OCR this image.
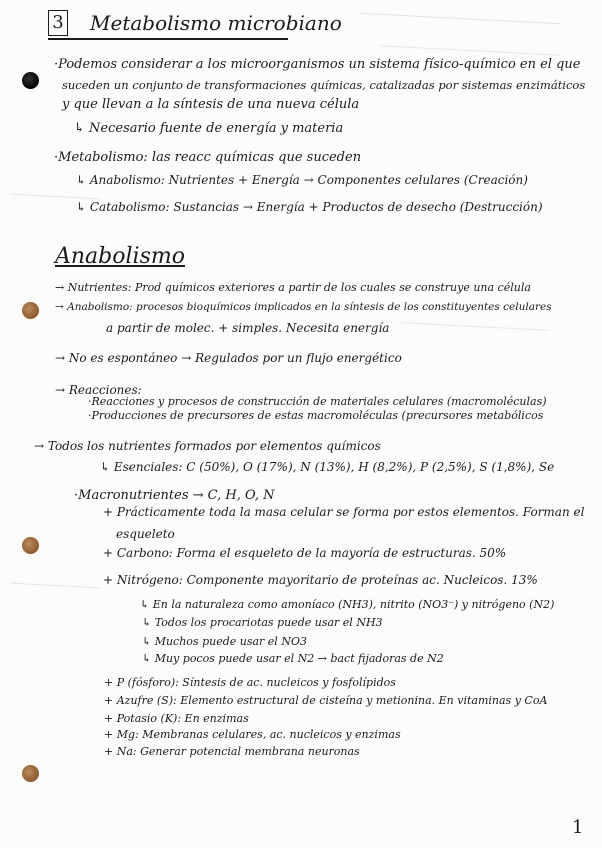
3 Metabolismo microbiano
·Podemos considerar a los microorganismos un sistema físico-químico en el que
suceden un conjunto de transformaciones químicas, catalizadas por sistemas enzimáticos
y que llevan a la síntesis de una nueva célula
↳ Necesario fuente de energía y materia
·Metabolismo: las reacc químicas que suceden
↳ Anabolismo: Nutrientes + Energía → Componentes celulares (Creación)
↳ Catabolismo: Sustancias → Energía + Productos de desecho (Destrucción)
Anabolismo
→ Nutrientes: Prod químicos exteriores a partir de los cuales se construye una célula
→ Anabolismo: procesos bioquímicos implicados en la síntesis de los constituyentes celulares
a partir de molec. + simples. Necesita energía
→ No es espontáneo → Regulados por un flujo energético
→ Reacciones:
·Reacciones y procesos de construcción de materiales celulares (macromoléculas)
·Producciones de precursores de estas macromoléculas (precursores metabólicos
→ Todos los nutrientes formados por elementos químicos
↳ Esenciales: C (50%), O (17%), N (13%), H (8,2%), P (2,5%), S (1,8%), Se
·Macronutrientes → C, H, O, N
+ Prácticamente toda la masa celular se forma por estos elementos. Forman el
esqueleto
+ Carbono: Forma el esqueleto de la mayoría de estructuras. 50%
+ Nitrógeno: Componente mayoritario de proteínas ac. Nucleicos. 13%
↳ En la naturaleza como amoníaco (NH3), nitrito (NO3⁻) y nitrógeno (N2)
↳ Todos los procariotas puede usar el NH3
↳ Muchos puede usar el NO3
↳ Muy pocos puede usar el N2 → bact fijadoras de N2
+ P (fósforo): Síntesis de ac. nucleicos y fosfolípidos
+ Azufre (S): Elemento estructural de cisteína y metionina. En vitaminas y CoA
+ Potasio (K): En enzimas
+ Mg: Membranas celulares, ac. nucleicos y enzimas
+ Na: Generar potencial membrana neuronas
1
